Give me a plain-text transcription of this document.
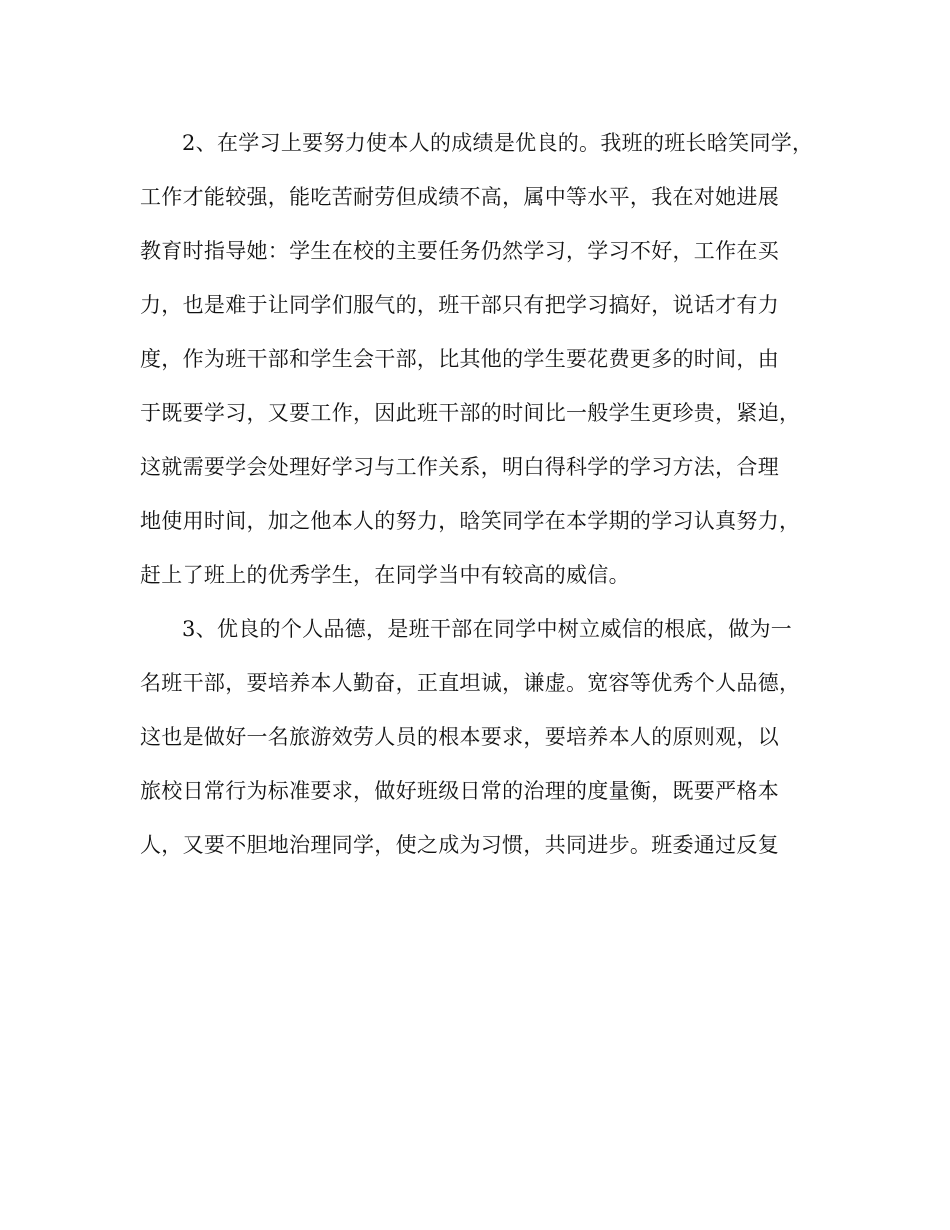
2、在学习上要努力使本人的成绩是优良的。我班的班长晗笑同学，
工作才能较强，能吃苦耐劳但成绩不高，属中等水平，我在对她进展
教育时指导她：学生在校的主要任务仍然学习，学习不好，工作在买
力，也是难于让同学们服气的，班干部只有把学习搞好，说话才有力
度，作为班干部和学生会干部，比其他的学生要花费更多的时间，由
于既要学习，又要工作，因此班干部的时间比一般学生更珍贵，紧迫，
这就需要学会处理好学习与工作关系，明白得科学的学习方法，合理
地使用时间，加之他本人的努力，晗笑同学在本学期的学习认真努力，
赶上了班上的优秀学生，在同学当中有较高的威信。
3、优良的个人品德，是班干部在同学中树立威信的根底，做为一
名班干部，要培养本人勤奋，正直坦诚，谦虚。宽容等优秀个人品德，
这也是做好一名旅游效劳人员的根本要求，要培养本人的原则观，以
旅校日常行为标准要求，做好班级日常的治理的度量衡，既要严格本
人，又要不胆地治理同学，使之成为习惯，共同进步。班委通过反复
